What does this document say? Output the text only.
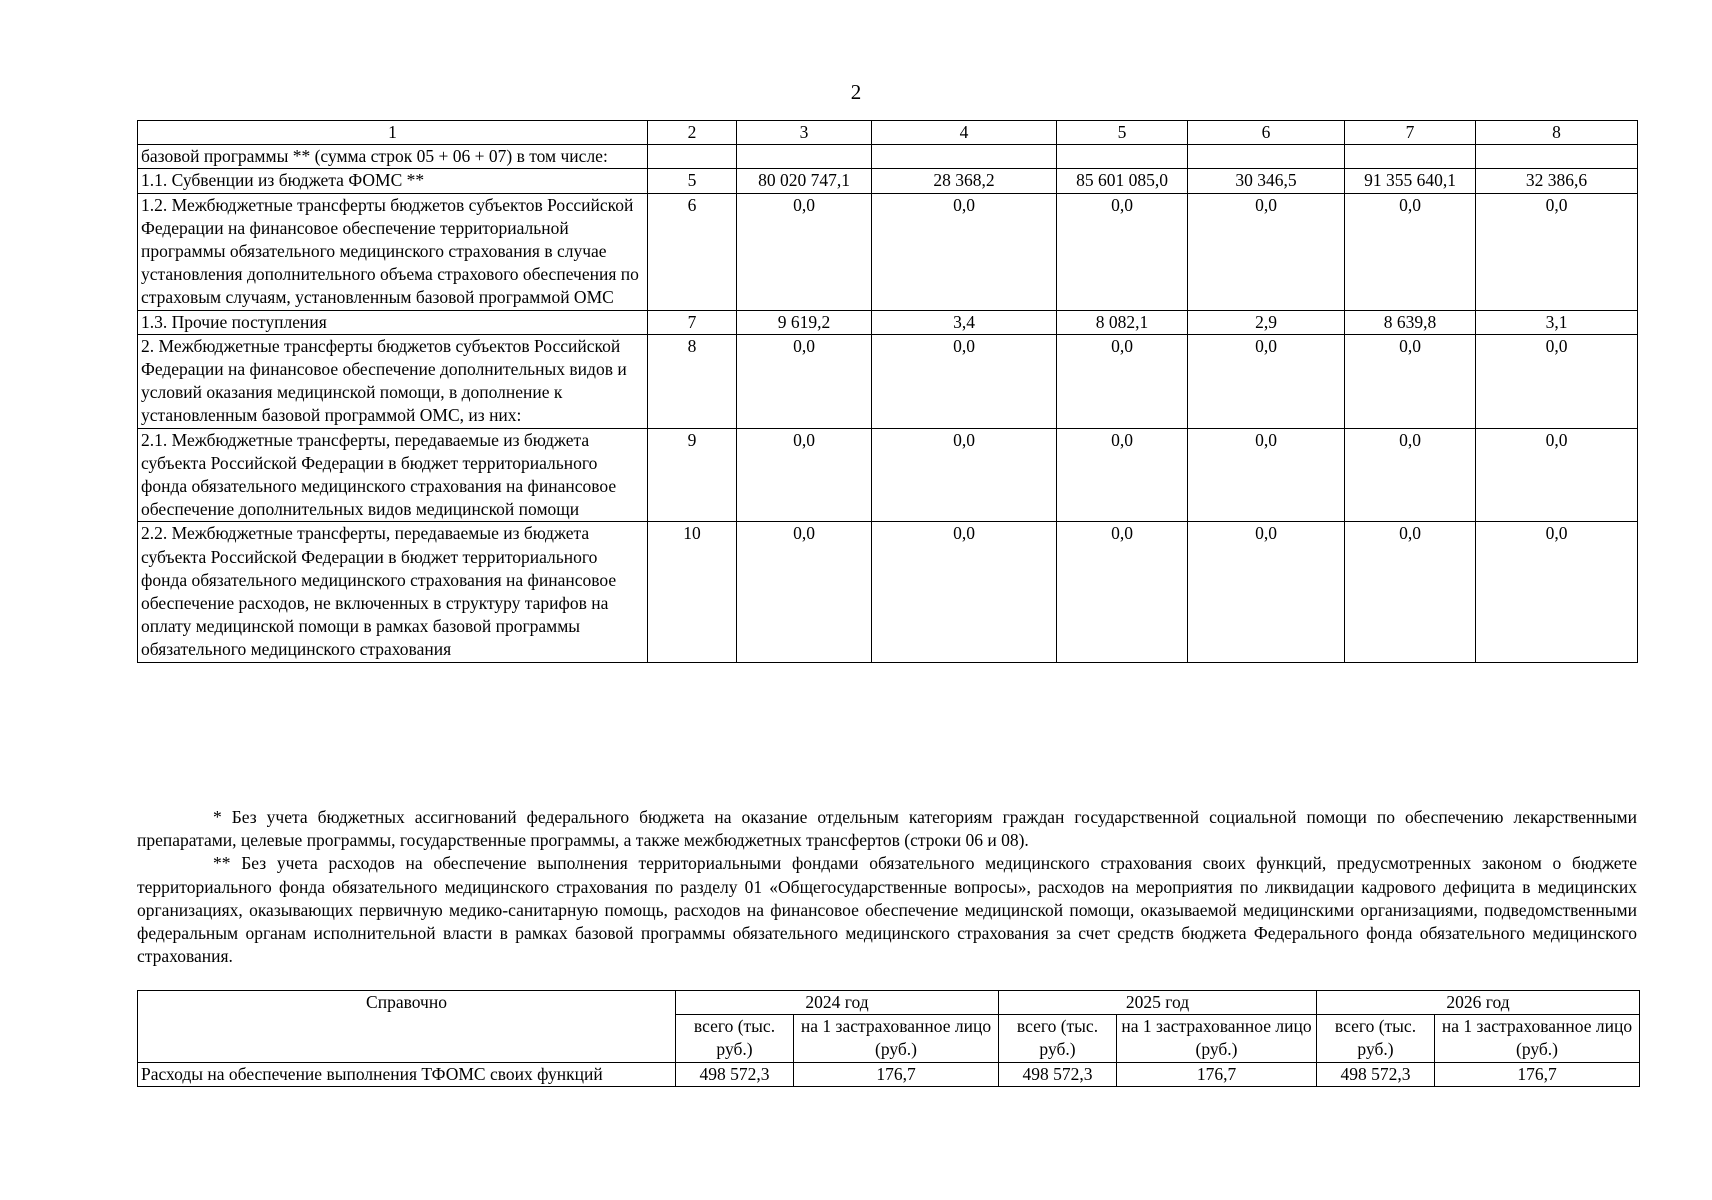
2
1	2	3	4	5	6	7	8
базовой программы ** (сумма строк 05 + 06 + 07) в том числе:							
1.1. Субвенции из бюджета ФОМС **	5	80 020 747,1	28 368,2	85 601 085,0	30 346,5	91 355 640,1	32 386,6
1.2. Межбюджетные трансферты бюджетов субъектов Российской Федерации на финансовое обеспечение территориальной программы обязательного медицинского страхования в случае установления дополнительного объема страхового обеспечения по страховым случаям, установленным базовой программой ОМС	6	0,0	0,0	0,0	0,0	0,0	0,0
1.3. Прочие поступления	7	9 619,2	3,4	8 082,1	2,9	8 639,8	3,1
2. Межбюджетные трансферты бюджетов субъектов Российской Федерации на финансовое обеспечение дополнительных видов и условий оказания медицинской помощи, в дополнение к установленным базовой программой ОМС, из них:	8	0,0	0,0	0,0	0,0	0,0	0,0
2.1. Межбюджетные трансферты, передаваемые из бюджета субъекта Российской Федерации в бюджет территориального фонда обязательного медицинского страхования на финансовое обеспечение дополнительных видов медицинской помощи	9	0,0	0,0	0,0	0,0	0,0	0,0
2.2. Межбюджетные трансферты, передаваемые из бюджета субъекта Российской Федерации в бюджет территориального фонда обязательного медицинского страхования на финансовое обеспечение расходов, не включенных в структуру тарифов на оплату медицинской помощи в рамках базовой программы обязательного медицинского страхования	10	0,0	0,0	0,0	0,0	0,0	0,0

* Без учета бюджетных ассигнований федерального бюджета на оказание отдельным категориям граждан государственной социальной помощи по обеспечению лекарственными препаратами, целевые программы, государственные программы, а также межбюджетных трансфертов (строки 06 и 08).

** Без учета расходов на обеспечение выполнения территориальными фондами обязательного медицинского страхования своих функций, предусмотренных законом о бюджете территориального фонда обязательного медицинского страхования по разделу 01 «Общегосударственные вопросы», расходов на мероприятия по ликвидации кадрового дефицита в медицинских организациях, оказывающих первичную медико-санитарную помощь, расходов на финансовое обеспечение медицинской помощи, оказываемой медицинскими организациями, подведомственными федеральным органам исполнительной власти в рамках базовой программы обязательного медицинского страхования за счет средств бюджета Федерального фонда обязательного медицинского страхования.

Справочно	2024 год		2025 год		2026 год	
	всего (тыс. руб.)	на 1 застрахованное лицо (руб.)	всего (тыс. руб.)	на 1 застрахованное лицо (руб.)	всего (тыс. руб.)	на 1 застрахованное лицо (руб.)
Расходы на обеспечение выполнения ТФОМС своих функций	498 572,3	176,7	498 572,3	176,7	498 572,3	176,7
